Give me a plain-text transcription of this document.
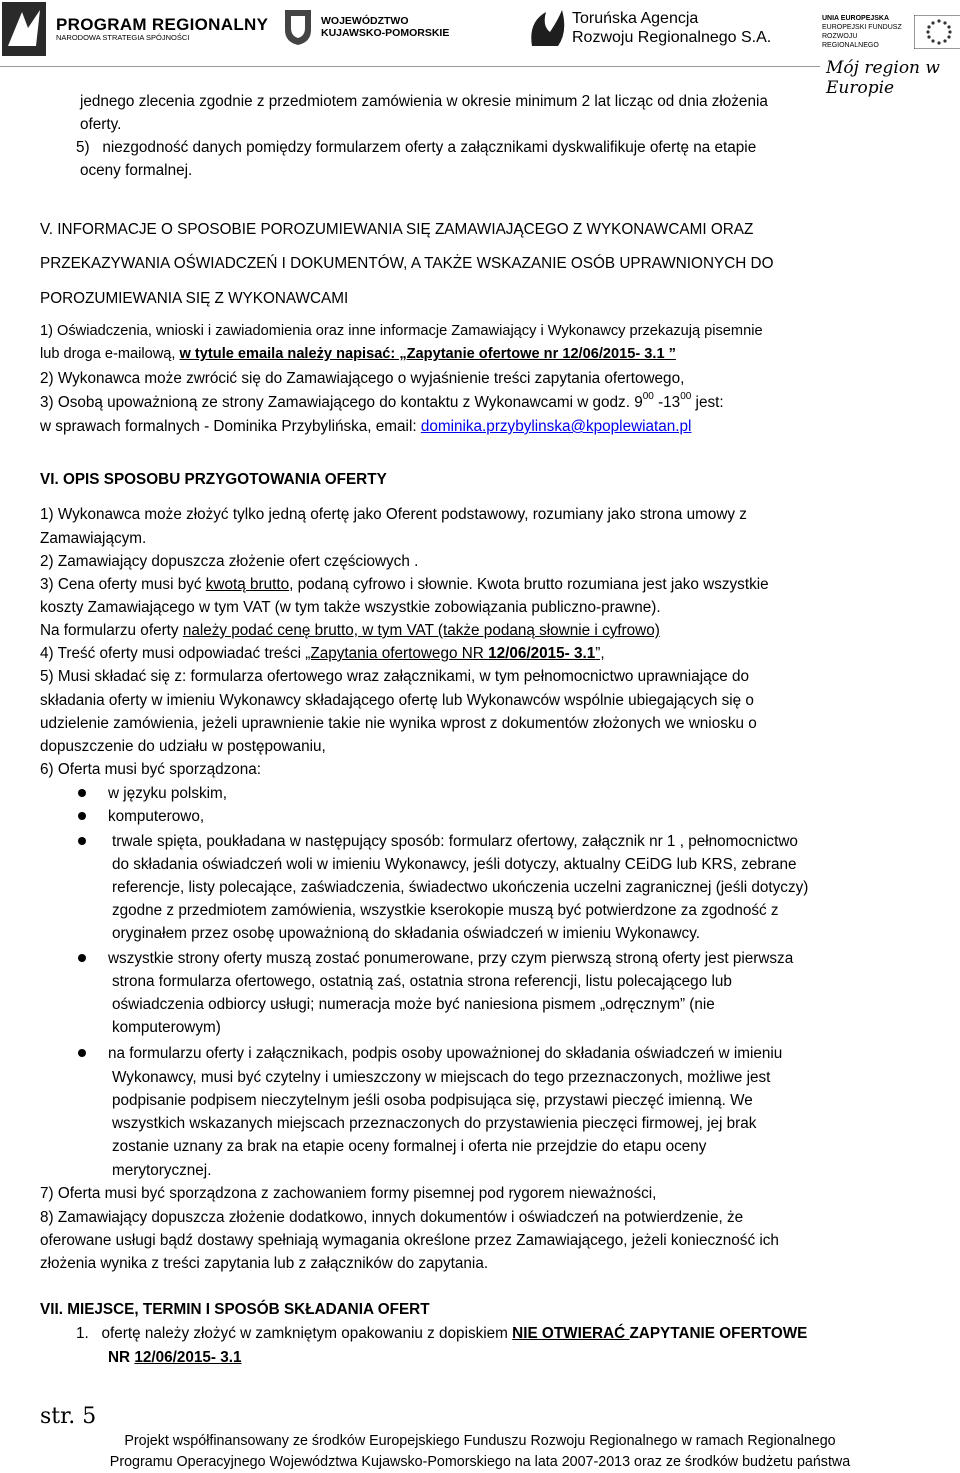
PROGRAM REGIONALNY
NARODOWA STRATEGIA SPÓJNOŚCI
WOJEWÓDZTWO
KUJAWSKO-POMORSKIE
Toruńska Agencja
Rozwoju Regionalnego S.A.
UNIA EUROPEJSKA
EUROPEJSKI FUNDUSZ
ROZWOJU REGIONALNEGO
Mój region w Europie
jednego zlecenia zgodnie z przedmiotem zamówienia w okresie minimum 2 lat licząc od dnia złożenia
oferty.
5) niezgodność danych pomiędzy formularzem oferty a załącznikami dyskwalifikuje ofertę na etapie
oceny formalnej.
V. INFORMACJE O SPOSOBIE POROZUMIEWANIA SIĘ ZAMAWIAJĄCEGO Z WYKONAWCAMI ORAZ
PRZEKAZYWANIA OŚWIADCZEŃ I DOKUMENTÓW, A TAKŻE WSKAZANIE OSÓB UPRAWNIONYCH DO
POROZUMIEWANIA SIĘ Z WYKONAWCAMI
1) Oświadczenia, wnioski i zawiadomienia oraz inne informacje Zamawiający i Wykonawcy przekazują pisemnie
lub droga e-mailową, w tytule emaila należy napisać: „Zapytanie ofertowe nr 12/06/2015- 3.1 ”
2) Wykonawca może zwrócić się do Zamawiającego o wyjaśnienie treści zapytania ofertowego,
3) Osobą upoważnioną ze strony Zamawiającego do kontaktu z Wykonawcami w godz. $9^{00}$ $-13^{00}$ jest:
w sprawach formalnych - Dominika Przybylińska, email: dominika.przybylinska@kpoplewiatan.pl
VI. OPIS SPOSOBU PRZYGOTOWANIA OFERTY
1) Wykonawca może złożyć tylko jedną ofertę jako Oferent podstawowy, rozumiany jako strona umowy z
Zamawiającym.
2) Zamawiający dopuszcza złożenie ofert częściowych .
3) Cena oferty musi być kwotą brutto, podaną cyfrowo i słownie. Kwota brutto rozumiana jest jako wszystkie
koszty Zamawiającego w tym VAT (w tym także wszystkie zobowiązania publiczno-prawne).
Na formularzu oferty należy podać cenę brutto, w tym VAT (także podaną słownie i cyfrowo)
4) Treść oferty musi odpowiadać treści „Zapytania ofertowego NR 12/06/2015- 3.1”,
5) Musi składać się z: formularza ofertowego wraz załącznikami, w tym pełnomocnictwo uprawniające do
składania oferty w imieniu Wykonawcy składającego ofertę lub Wykonawców wspólnie ubiegających się o
udzielenie zamówienia, jeżeli uprawnienie takie nie wynika wprost z dokumentów złożonych we wniosku o
dopuszczenie do udziału w postępowaniu,
6) Oferta musi być sporządzona:
w języku polskim,
komputerowo,
trwale spięta, poukładana w następujący sposób: formularz ofertowy, załącznik nr 1 , pełnomocnictwo
do składania oświadczeń woli w imieniu Wykonawcy, jeśli dotyczy, aktualny CEiDG lub KRS, zebrane
referencje, listy polecające, zaświadczenia, świadectwo ukończenia uczelni zagranicznej (jeśli dotyczy)
zgodne z przedmiotem zamówienia, wszystkie kserokopie muszą być potwierdzone za zgodność z
oryginałem przez osobę upoważnioną do składania oświadczeń w imieniu Wykonawcy.
wszystkie strony oferty muszą zostać ponumerowane, przy czym pierwszą stroną oferty jest pierwsza
strona formularza ofertowego, ostatnią zaś, ostatnia strona referencji, listu polecającego lub
oświadczenia odbiorcy usługi; numeracja może być naniesiona pismem „odręcznym” (nie
komputerowym)
na formularzu oferty i załącznikach, podpis osoby upoważnionej do składania oświadczeń w imieniu
Wykonawcy, musi być czytelny i umieszczony w miejscach do tego przeznaczonych, możliwe jest
podpisanie podpisem nieczytelnym jeśli osoba podpisująca się, przystawi pieczęć imienną. We
wszystkich wskazanych miejscach przeznaczonych do przystawienia pieczęci firmowej, jej brak
zostanie uznany za brak na etapie oceny formalnej i oferta nie przejdzie do etapu oceny
merytorycznej.
7) Oferta musi być sporządzona z zachowaniem formy pisemnej pod rygorem nieważności,
8) Zamawiający dopuszcza złożenie dodatkowo, innych dokumentów i oświadczeń na potwierdzenie, że
oferowane usługi bądź dostawy spełniają wymagania określone przez Zamawiającego, jeżeli konieczność ich
złożenia wynika z treści zapytania lub z załączników do zapytania.
VII. MIEJSCE, TERMIN I SPOSÓB SKŁADANIA OFERT
1. ofertę należy złożyć w zamkniętym opakowaniu z dopiskiem NIE OTWIERAĆ ZAPYTANIE OFERTOWE
NR 12/06/2015- 3.1
str. 5
Projekt współfinansowany ze środków Europejskiego Funduszu Rozwoju Regionalnego w ramach Regionalnego
Programu Operacyjnego Województwa Kujawsko-Pomorskiego na lata 2007-2013 oraz ze środków budżetu państwa
